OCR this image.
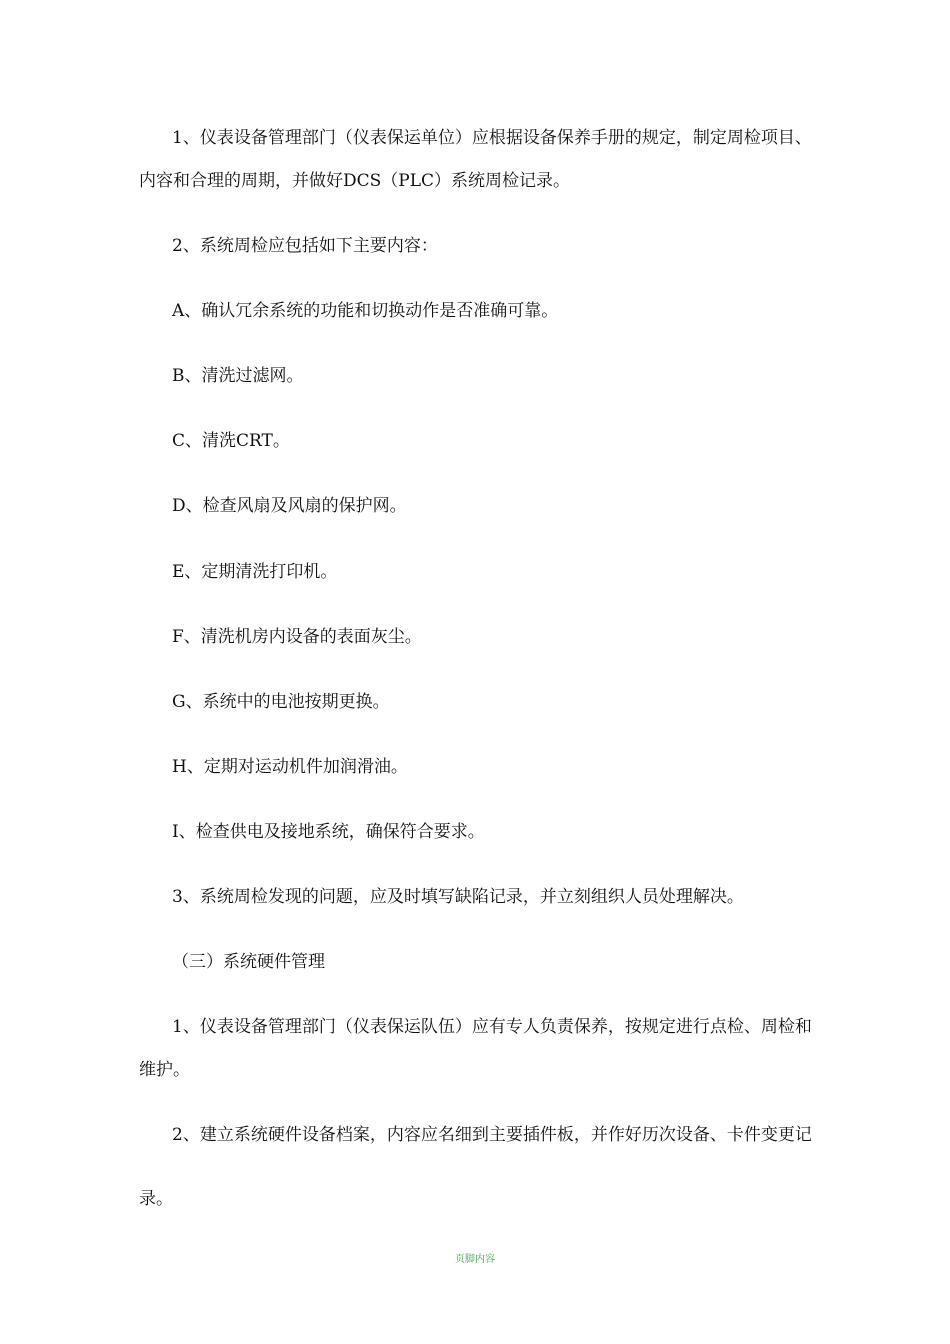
1、仪表设备管理部门（仪表保运单位）应根据设备保养手册的规定，制定周检项目、
内容和合理的周期，并做好DCS（PLC）系统周检记录。
2、系统周检应包括如下主要内容：
A、确认冗余系统的功能和切换动作是否准确可靠。
B、清洗过滤网。
C、清洗CRT。
D、检查风扇及风扇的保护网。
E、定期清洗打印机。
F、清洗机房内设备的表面灰尘。
G、系统中的电池按期更换。
H、定期对运动机件加润滑油。
I、检查供电及接地系统，确保符合要求。
3、系统周检发现的问题，应及时填写缺陷记录，并立刻组织人员处理解决。
（三）系统硬件管理
1、仪表设备管理部门（仪表保运队伍）应有专人负责保养，按规定进行点检、周检和
维护。
2、建立系统硬件设备档案，内容应名细到主要插件板，并作好历次设备、卡件变更记
录。
页脚内容
